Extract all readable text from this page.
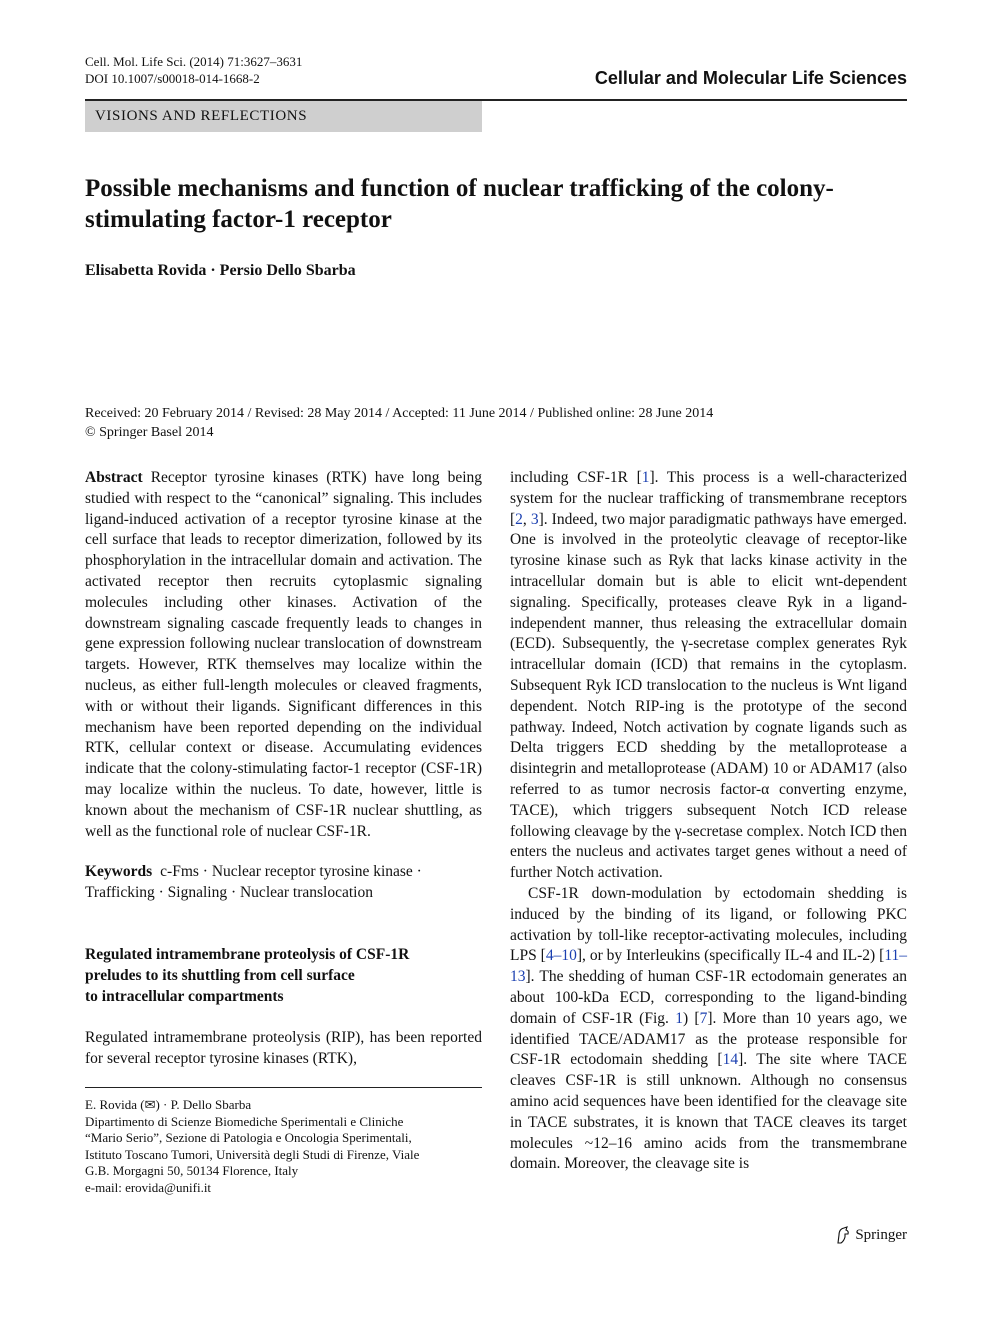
Cell. Mol. Life Sci. (2014) 71:3627–3631
DOI 10.1007/s00018-014-1668-2	Cellular and Molecular Life Sciences
VISIONS AND REFLECTIONS
Possible mechanisms and function of nuclear trafficking of the colony-stimulating factor-1 receptor
Elisabetta Rovida · Persio Dello Sbarba
Received: 20 February 2014 / Revised: 28 May 2014 / Accepted: 11 June 2014 / Published online: 28 June 2014
© Springer Basel 2014

Abstract Receptor tyrosine kinases (RTK) have long being studied with respect to the “canonical” signaling. This includes ligand-induced activation of a receptor tyrosine kinase at the cell surface that leads to receptor dimerization, followed by its phosphorylation in the intracellular domain and activation. The activated receptor then recruits cytoplasmic signaling molecules including other kinases. Activation of the downstream signaling cascade frequently leads to changes in gene expression following nuclear translocation of downstream targets. However, RTK themselves may localize within the nucleus, as either full-length molecules or cleaved fragments, with or without their ligands. Significant differences in this mechanism have been reported depending on the individual RTK, cellular context or disease. Accumulating evidences indicate that the colony-stimulating factor-1 receptor (CSF-1R) may localize within the nucleus. To date, however, little is known about the mechanism of CSF-1R nuclear shuttling, as well as the functional role of nuclear CSF-1R.

Keywords c-Fms · Nuclear receptor tyrosine kinase · Trafficking · Signaling · Nuclear translocation

Regulated intramembrane proteolysis of CSF-1R
preludes to its shuttling from cell surface
to intracellular compartments

Regulated intramembrane proteolysis (RIP), has been reported for several receptor tyrosine kinases (RTK),

E. Rovida (✉) · P. Dello Sbarba
Dipartimento di Scienze Biomediche Sperimentali e Cliniche
“Mario Serio”, Sezione di Patologia e Oncologia Sperimentali,
Istituto Toscano Tumori, Università degli Studi di Firenze, Viale
G.B. Morgagni 50, 50134 Florence, Italy
e-mail: erovida@unifi.it

including CSF-1R [1]. This process is a well-characterized system for the nuclear trafficking of transmembrane receptors [2, 3]. Indeed, two major paradigmatic pathways have emerged. One is involved in the proteolytic cleavage of receptor-like tyrosine kinase such as Ryk that lacks kinase activity in the intracellular domain but is able to elicit wnt-dependent signaling. Specifically, proteases cleave Ryk in a ligand-independent manner, thus releasing the extracellular domain (ECD). Subsequently, the γ-secretase complex generates Ryk intracellular domain (ICD) that remains in the cytoplasm. Subsequent Ryk ICD translocation to the nucleus is Wnt ligand dependent. Notch RIP-ing is the prototype of the second pathway. Indeed, Notch activation by cognate ligands such as Delta triggers ECD shedding by the metalloprotease a disintegrin and metalloprotease (ADAM) 10 or ADAM17 (also referred to as tumor necrosis factor-α converting enzyme, TACE), which triggers subsequent Notch ICD release following cleavage by the γ-secretase complex. Notch ICD then enters the nucleus and activates target genes without a need of further Notch activation.

CSF-1R down-modulation by ectodomain shedding is induced by the binding of its ligand, or following PKC activation by toll-like receptor-activating molecules, including LPS [4–10], or by Interleukins (specifically IL-4 and IL-2) [11–13]. The shedding of human CSF-1R ectodomain generates an about 100-kDa ECD, corresponding to the ligand-binding domain of CSF-1R (Fig. 1) [7]. More than 10 years ago, we identified TACE/ADAM17 as the protease responsible for CSF-1R ectodomain shedding [14]. The site where TACE cleaves CSF-1R is still unknown. Although no consensus amino acid sequences have been identified for the cleavage site in TACE substrates, it is known that TACE cleaves its target molecules ~12–16 amino acids from the transmembrane domain. Moreover, the cleavage site is

Springer
